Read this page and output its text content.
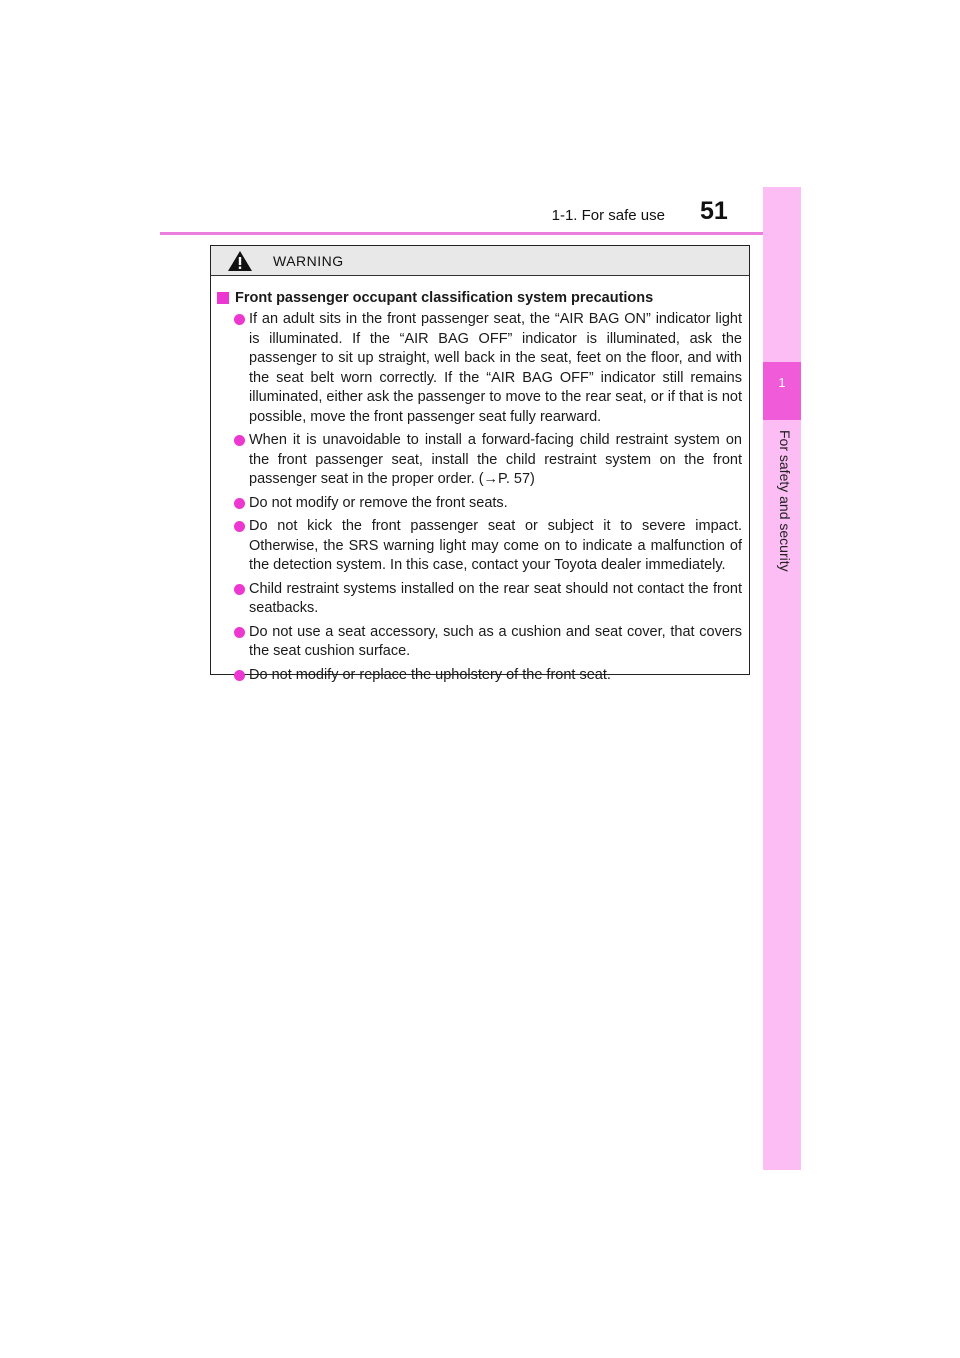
1-1. For safe use 51
1
For safety and security
WARNING
Front passenger occupant classification system precautions
If an adult sits in the front passenger seat, the “AIR BAG ON” indicator light is illuminated. If the “AIR BAG OFF” indicator is illuminated, ask the passenger to sit up straight, well back in the seat, feet on the floor, and with the seat belt worn correctly. If the “AIR BAG OFF” indicator still remains illuminated, either ask the passenger to move to the rear seat, or if that is not possible, move the front passenger seat fully rearward.
When it is unavoidable to install a forward-facing child restraint system on the front passenger seat, install the child restraint system on the front passenger seat in the proper order. (→P. 57)
Do not modify or remove the front seats.
Do not kick the front passenger seat or subject it to severe impact. Otherwise, the SRS warning light may come on to indicate a malfunction of the detection system. In this case, contact your Toyota dealer immediately.
Child restraint systems installed on the rear seat should not contact the front seatbacks.
Do not use a seat accessory, such as a cushion and seat cover, that covers the seat cushion surface.
Do not modify or replace the upholstery of the front seat.
